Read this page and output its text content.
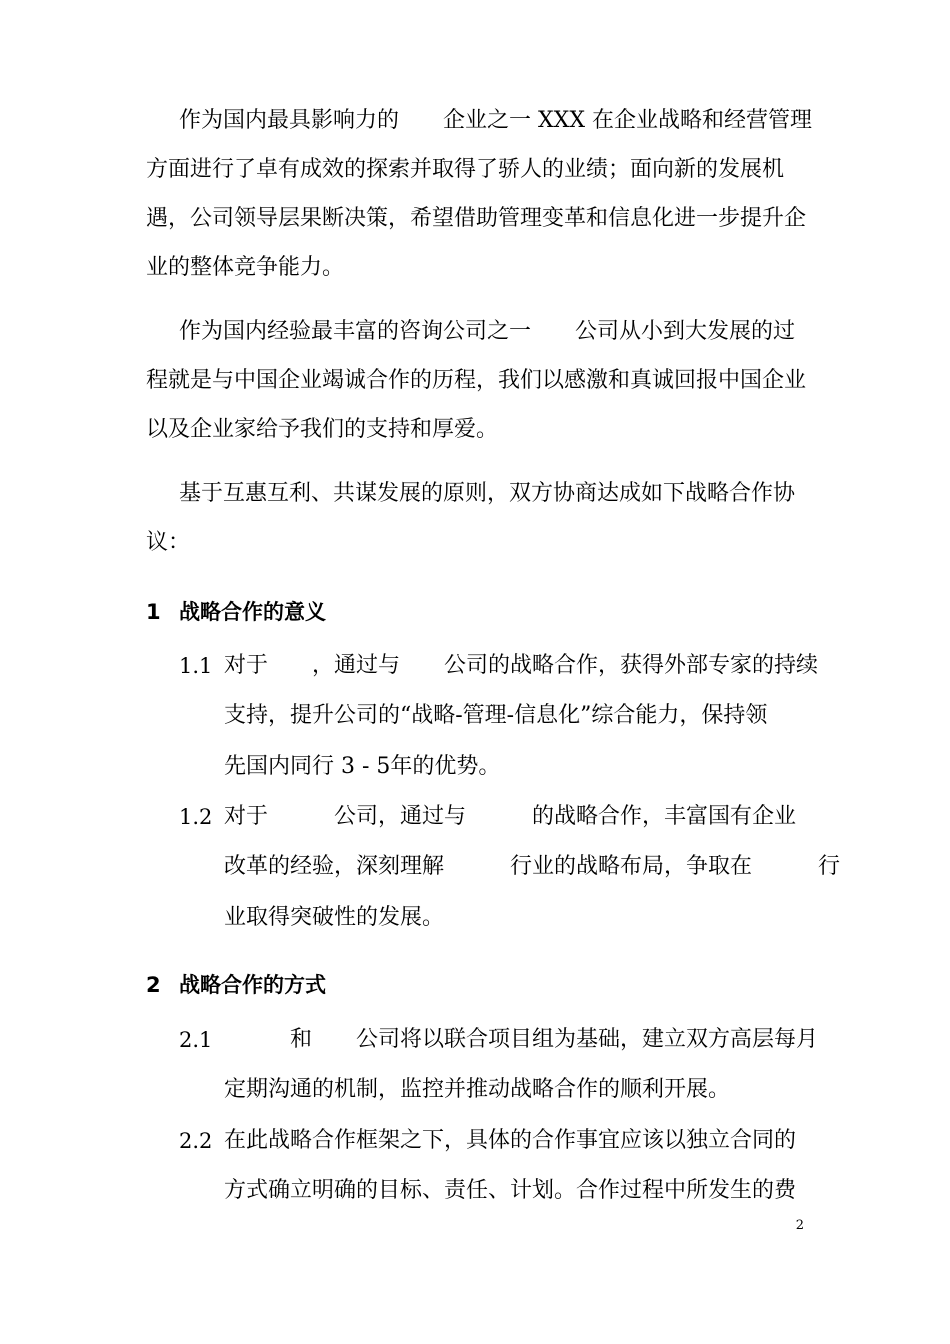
作为国内最具影响力的　　企业之一 XXX 在企业战略和经营管理
方面进行了卓有成效的探索并取得了骄人的业绩；面向新的发展机
遇，公司领导层果断决策，希望借助管理变革和信息化进一步提升企
业的整体竞争能力。
作为国内经验最丰富的咨询公司之一　　公司从小到大发展的过
程就是与中国企业竭诚合作的历程，我们以感激和真诚回报中国企业
以及企业家给予我们的支持和厚爱。
基于互惠互利、共谋发展的原则，双方协商达成如下战略合作协
议：
1 战略合作的意义
1.1 对于　　，通过与　　公司的战略合作，获得外部专家的持续
支持，提升公司的“战略-管理-信息化”综合能力，保持领
先国内同行 3 - 5年的优势。
1.2 对于　　　公司，通过与　　　的战略合作，丰富国有企业
改革的经验，深刻理解　　　行业的战略布局，争取在　　　行
业取得突破性的发展。
2 战略合作的方式
2.1 　　　和　　公司将以联合项目组为基础，建立双方高层每月
定期沟通的机制，监控并推动战略合作的顺利开展。
2.2 在此战略合作框架之下，具体的合作事宜应该以独立合同的
方式确立明确的目标、责任、计划。合作过程中所发生的费
2
